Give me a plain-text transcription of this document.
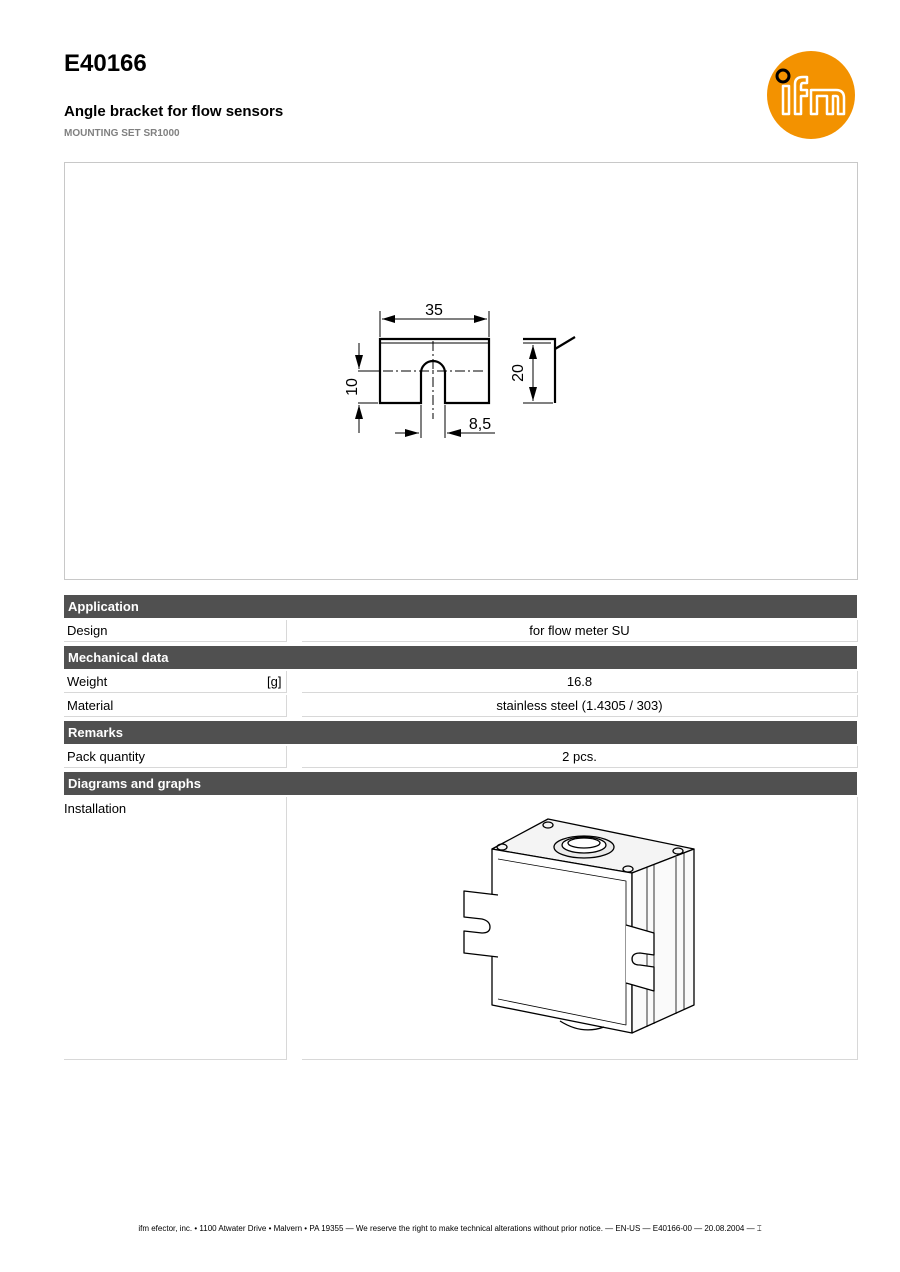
E40166
Angle bracket for flow sensors
MOUNTING SET SR1000
35
10
8,5
20
Application
Design	for flow meter SU
Mechanical data
Weight	[g]	16.8
Material	stainless steel (1.4305 / 303)
Remarks
Pack quantity	2 pcs.
Diagrams and graphs
Installation
ifm efector, inc. • 1100 Atwater Drive • Malvern • PA 19355 — We reserve the right to make technical alterations without prior notice. — EN-US — E40166-00 — 20.08.2004 — ⌶
